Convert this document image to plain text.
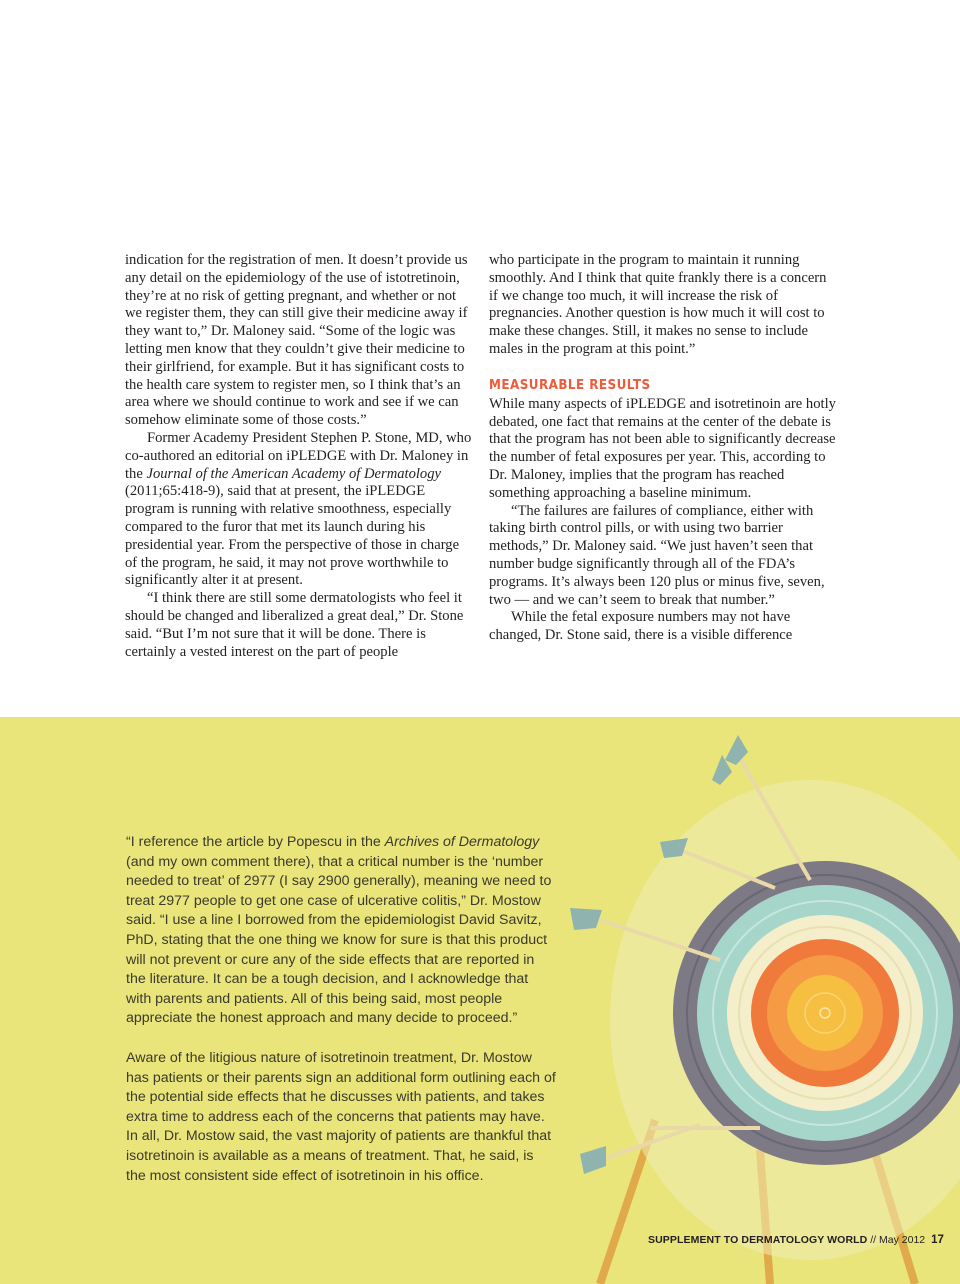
indication for the registration of men. It doesn’t provide us any detail on the epidemiology of the use of istotretinoin, they’re at no risk of getting pregnant, and whether or not we register them, they can still give their medicine away if they want to,” Dr. Maloney said. “Some of the logic was letting men know that they couldn’t give their medicine to their girlfriend, for example. But it has significant costs to the health care system to register men, so I think that’s an area where we should continue to work and see if we can somehow eliminate some of those costs.”

Former Academy President Stephen P. Stone, MD, who co-authored an editorial on iPLEDGE with Dr. Maloney in the Journal of the American Academy of Dermatology (2011;65:418-9), said that at present, the iPLEDGE program is running with relative smoothness, especially compared to the furor that met its launch during his presidential year. From the perspective of those in charge of the program, he said, it may not prove worthwhile to significantly alter it at present.

“I think there are still some dermatologists who feel it should be changed and liberalized a great deal,” Dr. Stone said. “But I’m not sure that it will be done. There is certainly a vested interest on the part of people

who participate in the program to maintain it running smoothly. And I think that quite frankly there is a concern if we change too much, it will increase the risk of pregnancies. Another question is how much it will cost to make these changes. Still, it makes no sense to include males in the program at this point.”

MEASURABLE RESULTS

While many aspects of iPLEDGE and isotretinoin are hotly debated, one fact that remains at the center of the debate is that the program has not been able to significantly decrease the number of fetal exposures per year. This, according to Dr. Maloney, implies that the program has reached something approaching a baseline minimum.

“The failures are failures of compliance, either with taking birth control pills, or with using two barrier methods,” Dr. Maloney said. “We just haven’t seen that number budge significantly through all of the FDA’s programs. It’s always been 120 plus or minus five, seven, two — and we can’t seem to break that number.”

While the fetal exposure numbers may not have changed, Dr. Stone said, there is a visible difference

“I reference the article by Popescu in the Archives of Dermatology (and my own comment there), that a critical number is the ‘number needed to treat’ of 2977 (I say 2900 generally), meaning we need to treat 2977 people to get one case of ulcerative colitis,” Dr. Mostow said. “I use a line I borrowed from the epidemiologist David Savitz, PhD, stating that the one thing we know for sure is that this product will not prevent or cure any of the side effects that are reported in the literature. It can be a tough decision, and I acknowledge that with parents and patients. All of this being said, most people appreciate the honest approach and many decide to proceed.”

Aware of the litigious nature of isotretinoin treatment, Dr. Mostow has patients or their parents sign an additional form outlining each of the potential side effects that he discusses with patients, and takes extra time to address each of the concerns that patients may have. In all, Dr. Mostow said, the vast majority of patients are thankful that isotretinoin is available as a means of treatment. That, he said, is the most consistent side effect of isotretinoin in his office.

SUPPLEMENT TO DERMATOLOGY WORLD // May 2012 17
